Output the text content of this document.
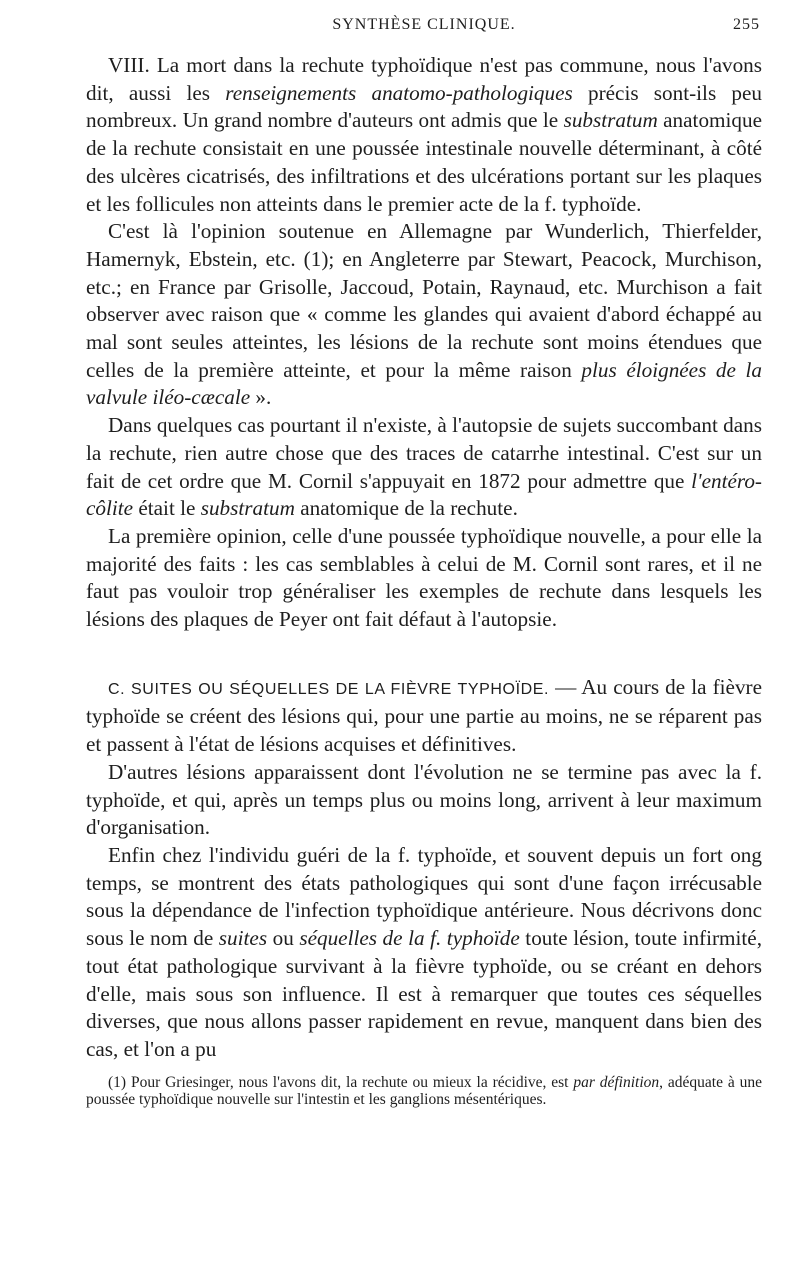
SYNTHÈSE CLINIQUE.	255

VIII. La mort dans la rechute typhoïdique n'est pas commune, nous l'avons dit, aussi les renseignements anatomo-pathologiques précis sont-ils peu nombreux. Un grand nombre d'auteurs ont admis que le substratum anatomique de la rechute consistait en une poussée intestinale nouvelle déterminant, à côté des ulcères cicatrisés, des infiltrations et des ulcérations portant sur les plaques et les follicules non atteints dans le premier acte de la f. typhoïde.

C'est là l'opinion soutenue en Allemagne par Wunderlich, Thierfelder, Hamernyk, Ebstein, etc. (1); en Angleterre par Stewart, Peacock, Murchison, etc.; en France par Grisolle, Jaccoud, Potain, Raynaud, etc. Murchison a fait observer avec raison que « comme les glandes qui avaient d'abord échappé au mal sont seules atteintes, les lésions de la rechute sont moins étendues que celles de la première atteinte, et pour la même raison plus éloignées de la valvule iléo-cæcale ».

Dans quelques cas pourtant il n'existe, à l'autopsie de sujets succombant dans la rechute, rien autre chose que des traces de catarrhe intestinal. C'est sur un fait de cet ordre que M. Cornil s'appuyait en 1872 pour admettre que l'entéro-côlite était le substratum anatomique de la rechute.

La première opinion, celle d'une poussée typhoïdique nouvelle, a pour elle la majorité des faits : les cas semblables à celui de M. Cornil sont rares, et il ne faut pas vouloir trop généraliser les exemples de rechute dans lesquels les lésions des plaques de Peyer ont fait défaut à l'autopsie.

C. SUITES OU SÉQUELLES DE LA FIÈVRE TYPHOÏDE. — Au cours de la fièvre typhoïde se créent des lésions qui, pour une partie au moins, ne se réparent pas et passent à l'état de lésions acquises et définitives.

D'autres lésions apparaissent dont l'évolution ne se termine pas avec la f. typhoïde, et qui, après un temps plus ou moins long, arrivent à leur maximum d'organisation.

Enfin chez l'individu guéri de la f. typhoïde, et souvent depuis un fort ong temps, se montrent des états pathologiques qui sont d'une façon irrécusable sous la dépendance de l'infection typhoïdique antérieure. Nous décrivons donc sous le nom de suites ou séquelles de la f. typhoïde toute lésion, toute infirmité, tout état pathologique survivant à la fièvre typhoïde, ou se créant en dehors d'elle, mais sous son influence. Il est à remarquer que toutes ces séquelles diverses, que nous allons passer rapidement en revue, manquent dans bien des cas, et l'on a pu

(1) Pour Griesinger, nous l'avons dit, la rechute ou mieux la récidive, est par définition, adéquate à une poussée typhoïdique nouvelle sur l'intestin et les ganglions mésentériques.
